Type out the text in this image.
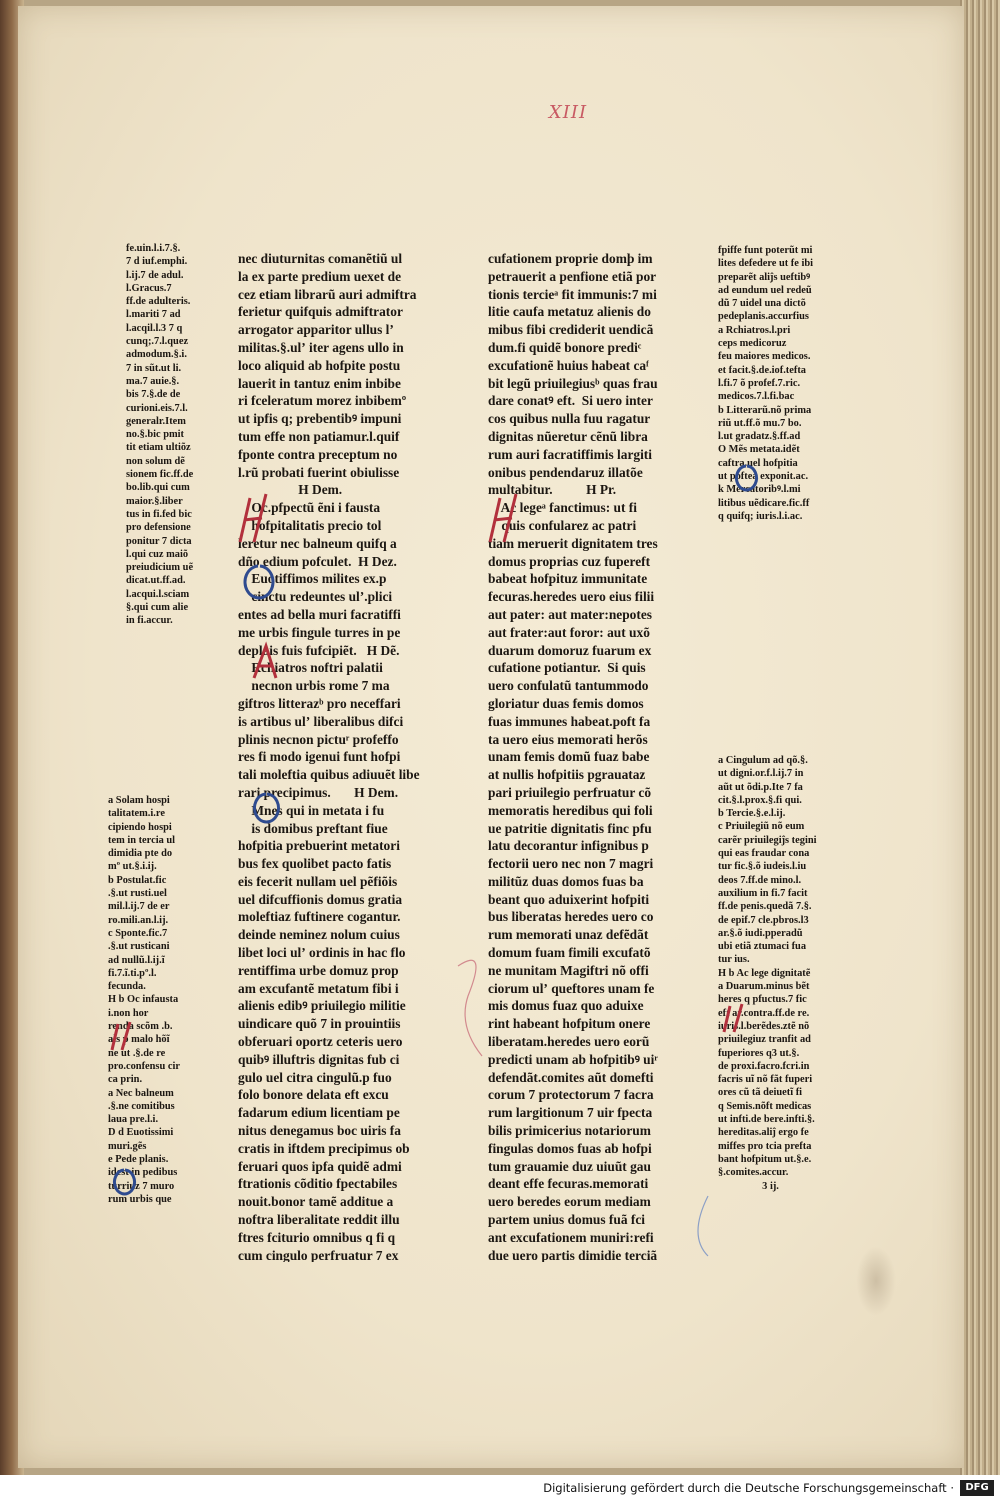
XIII
fe.uin.l.i.7.§.
7 d iuf.emphi.
l.ij.7 de adul.
l.Gracus.7
ff.de adulteris.
l.mariti 7 ad
l.acqil.l.3 7 q
cunq;.7.l.quez
admodum.§.i.
7 in sũt.ut li.
ma.7 auie.§.
bis 7.§.de de
curioni.eis.7.l.
generalr.Item
no.§.bic pmit
tit etiam ultiõz
non solum dẽ
sionem fic.ff.de
bo.lib.qui cum
maior.§.liber
tus in fi.fed bic
pro defensione
ponitur 7 dicta
l.qui cuz maiõ
preiudicium uẽ
dicat.ut.ff.ad.
l.acqui.l.sciam
§.qui cum alie
in fi.accur.
a Solam hospi
talitatem.i.re
cipiendo hospi
tem in tercia ul
dimidia pte do
mº ut.§.i.ij.
b Postulat.fic
.§.ut rusti.uel
mil.l.ij.7 de er
ro.mili.an.l.ij.
c Sponte.fic.7
.§.ut rusticani
ad nullũ.l.ij.ĩ
fi.7.ĩ.ti.pº.l.
fecunda.
H b Oc infausta
i.non hor
renda scõm .b.
als p malo hõĩ
ne ut .§.de re
pro.confensu cir
ca prin.
a Nec balneum
.§.ne comitibus
laua pre.l.i.
D d Euotissimi
muri.gẽs
e Pede planis.
idest in pedibus
turriuz 7 muro
rum urbis que
nec diuturnitas comanẽtiũ ul
la ex parte predium uexet de
cez etiam librarũ auri admiftra
ferietur quifquis admiftrator
arrogator apparitor ullus lʼ
militas.§.ulʼ iter agens ullo in
loco aliquid ab hofpite postu
lauerit in tantuz enim inbibe
ri fceleratum morez inbibemº
ut ipfis q; prebentibꝰ impuni
tum effe non patiamur.l.quif
fponte contra preceptum no
l.rũ probati fuerint obiulisse
H Dem.
Oc.pfpectũ ẽni i fausta
hofpitalitatis precio tol
leretur nec balneum quifq a
dño edium pofculet.  H Dez.
Euotiffimos milites ex.p
cinctu redeuntes ulʼ.plici
entes ad bella muri facratiffi
me urbis fingule turres in pe
deplais fuis fufcipiẽt.   H Dẽ.
Rchiatros noftri palatii
necnon urbis rome 7 ma
giftros litterazᵇ pro neceffari
is artibus ulʼ liberalibus difci
plinis necnon pictuʳ profeffo
res fi modo igenui funt hofpi
tali moleftia quibus adiuuẽt libe
rari precipimus.       H Dem.
Mnes qui in metata i fu
is domibus preftant fiue
hofpitia prebuerint metatori
bus fex quolibet pacto fatis
eis fecerit nullam uel pẽfiõis
uel difcuffionis domus gratia
moleftiaz fuftinere cogantur.
deinde neminez nolum cuius
libet loci ulʼ ordinis in hac flo
rentiffima urbe domuz prop
am excufantẽ metatum fibi i
alienis edibꝰ priuilegio militie
uindicare quõ 7 in prouintiis
obferuari oportz ceteris uero
quibꝰ illuftris dignitas fub ci
gulo uel citra cingulũ.p fuo
folo bonore delata eft excu
fadarum edium licentiam pe
nitus denegamus boc uiris fa
cratis in iftdem precipimus ob
feruari quos ipfa quidẽ admi
ftrationis cõditio fpectabiles
nouit.bonor tamẽ additue a
noftra liberalitate reddit illu
ftres fciturio omnibus q fi q
cum cingulo perfruatur 7 ex
cufationem proprie domþ im
petrauerit a penfione etiã por
tionis tercieᵃ fit immunis:7 mi
litie caufa metatuz alienis do
mibus fibi crediderit uendicã
dum.fi quidẽ bonore prediᶜ
excufationẽ huius habeat caᶠ
bit legũ priuilegiusᵇ quas frau
dare conatꝰ eft.  Si uero inter
cos quibus nulla fuu ragatur
dignitas nũeretur cẽnũ libra
rum auri facratiffimis largiti
onibus pendendaruz illatõe
multabitur.          H Pr.
Ac legeᵃ fanctimus: ut fi
quis confularez ac patri
tiam meruerit dignitatem tres
domus proprias cuz fupereft
babeat hofpituz immunitate
fecuras.heredes uero eius filii
aut pater: aut mater:nepotes
aut frater:aut foror: aut uxõ
duarum domoruz fuarum ex
cufatione potiantur.  Si quis
uero confulatũ tantummodo
gloriatur duas femis domos
fuas immunes habeat.poft fa
ta uero eius memorati herõs
unam femis domũ fuaz babe
at nullis hofpitiis pgrauataz
pari priuilegio perfruatur cõ
memoratis heredibus qui foli
ue patritie dignitatis finc pfu
latu decorantur infignibus p
fectorii uero nec non 7 magri
militũz duas domos fuas ba
beant quo aduixerint hofpiti
bus liberatas heredes uero co
rum memorati unaz defẽdãt
domum fuam fimili excufatõ
ne munitam Magiftri nõ offi
ciorum ulʼ queftores unam fe
mis domus fuaz quo aduixe
rint habeant hofpitum onere
liberatam.heredes uero eorũ
predicti unam ab hofpitibꝰ uiʳ
defendãt.comites aũt domefti
corum 7 protectorum 7 facra
rum largitionum 7 uir fpecta
bilis primicerius notariorum
fingulas domos fuas ab hofpi
tum grauamie duz uiuũt gau
deant effe fecuras.memorati
uero beredes eorum mediam
partem unius domus fuã fci
ant excufationem muniri:refi
due uero partis dimidie terciã
fpiffe funt poterũt mi
lites defedere ut fe ibi
preparẽt aliĵs ueftibꝰ
ad eundum uel redeũ
dũ 7 uidel una dictõ
pedeplanis.accurfius
a Rchiatros.l.pri
ceps medicoruz
feu maiores medicos.
et facit.§.de.iof.tefta
l.fi.7 õ profef.7.ric.
medicos.7.l.fi.bac
b Litterarũ.nõ prima
riũ ut.ff.õ mu.7 bo.
l.ut gradatz.§.ff.ad
O Mẽs metata.idẽt
caftra.uel hofpitia
ut poftea exponit.ac.
k Mercatoribꝰ.l.mi
litibus uẽdicare.fic.ff
q quifq; iuris.l.i.ac.
a Cingulum ad qõ.§.
ut digni.or.f.l.ij.7 in
aũt ut õdi.p.Ite 7 fa
cit.§.l.prox.§.fi qui.
b Tercie.§.e.l.ij.
c Priuilegiũ nõ eum
carẽr priuilegiĵs tegini
qui eas fraudar cona
tur fic.§.õ iudeis.l.iu
deos 7.ff.de mino.l.
auxilium in fi.7 facit
ff.de penis.quedã 7.§.
de epif.7 cle.pbros.l3
ar.§.õ iudi.pperadũ
ubi etiã ztumaci fua
tur ius.
H b Ac lege dignitatẽ
a Duarum.minus bẽt
heres q pfuctus.7 fic
eft ar.contra.ff.de re.
iuris.l.berẽdes.ztẽ nõ
priuilegiuz tranfit ad
fuperiores q3 ut.§.
de proxi.facro.fcri.in
facris uĩ nõ fãt fuperi
ores cũ tã deiuetĩ fi
q Semis.nõft medicas
ut infti.de bere.infti.§.
hereditas.aliĵ ergo fe
miffes pro tcia prefta
bant hofpitum ut.§.e.
§.comites.accur.
3 ij.
Digitalisierung gefördert durch die Deutsche Forschungsgemeinschaft ·	DFG
